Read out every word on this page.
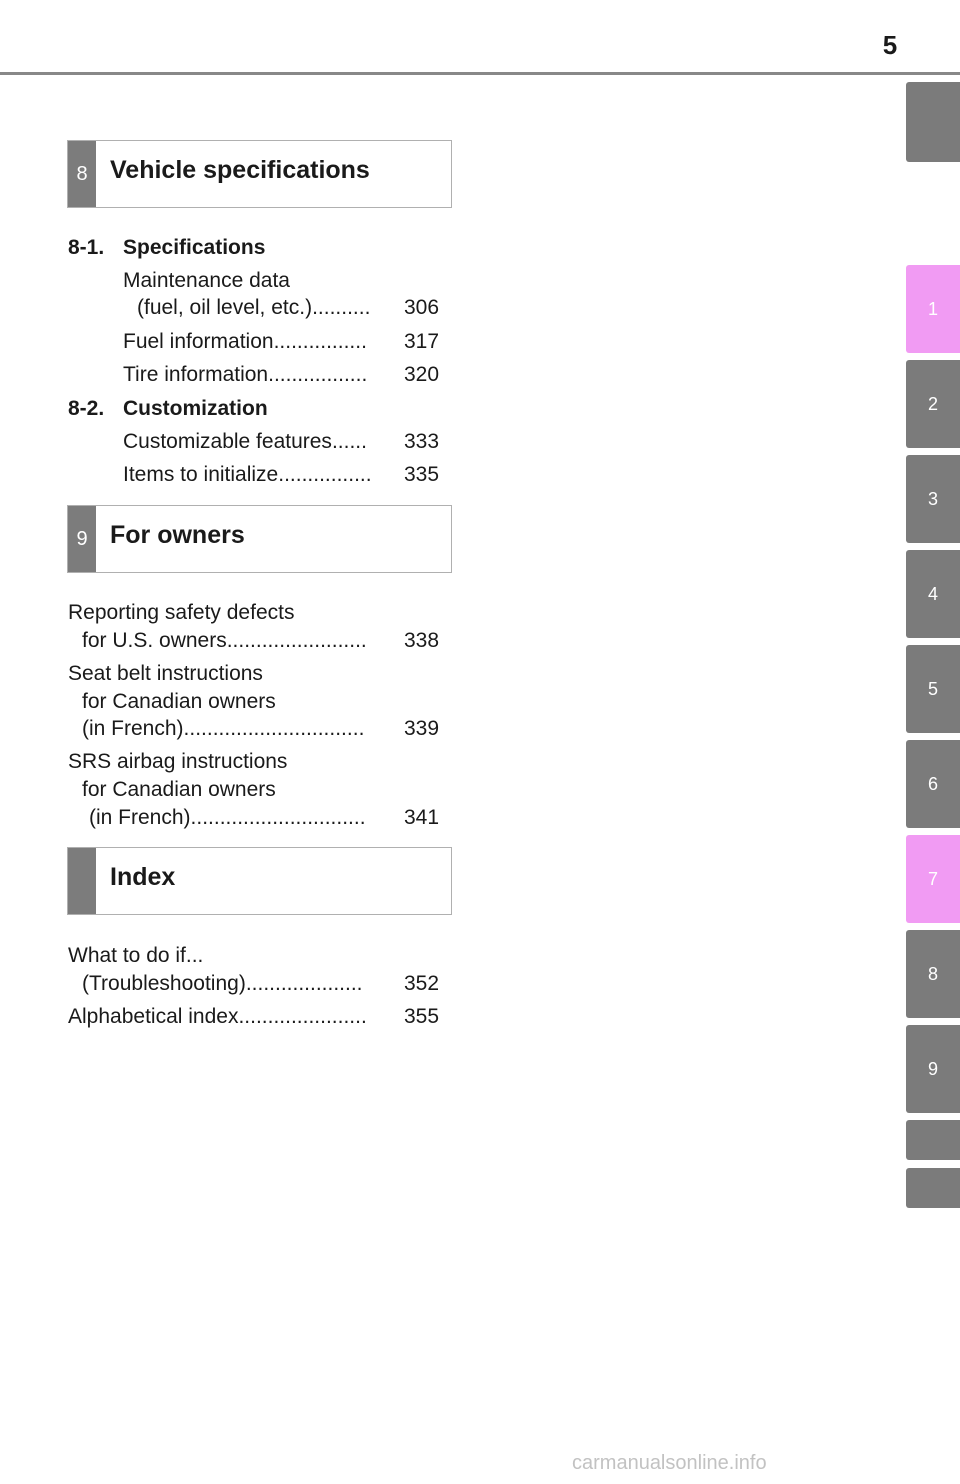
5
8 Vehicle specifications
8-1. Specifications
Maintenance data
(fuel, oil level, etc.) ..........	306
Fuel information ................	317
Tire information .................	320
8-2. Customization
Customizable features ......	333
Items to initialize ................	335
9 For owners
Reporting safety defects
for U.S. owners ........................	338
Seat belt instructions
for Canadian owners
(in French) ...............................	339
SRS airbag instructions
for Canadian owners
(in French) ..............................	341
Index
What to do if...
(Troubleshooting) ....................	352
Alphabetical index ......................	355
1
2
3
4
5
6
7
8
9
carmanualsonline.info
